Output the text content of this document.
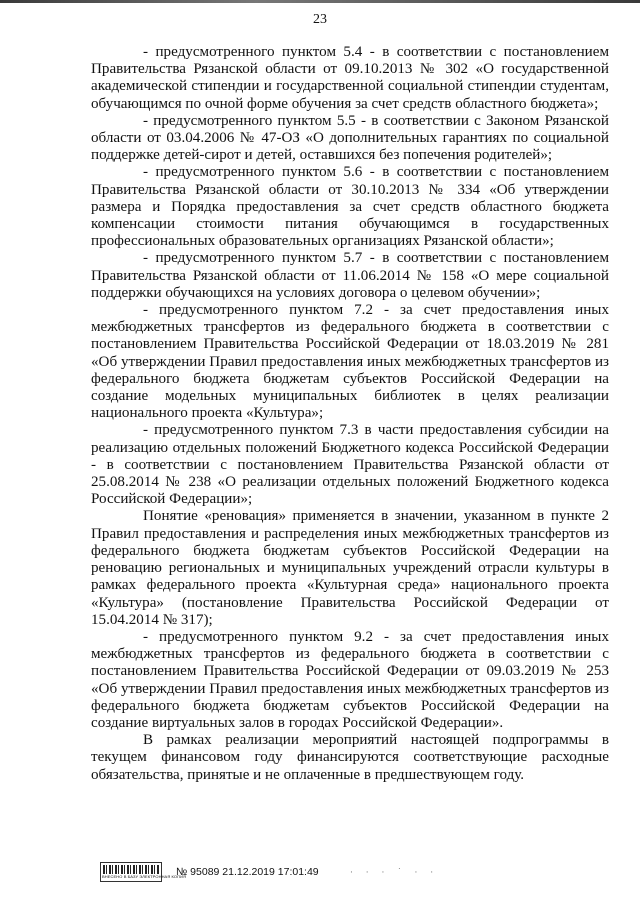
23

- предусмотренного пунктом 5.4 - в соответствии с постановлением Правительства Рязанской области от 09.10.2013 № 302 «О государственной академической стипендии и государственной социальной стипендии студентам, обучающимся по очной форме обучения за счет средств областного бюджета»;

- предусмотренного пунктом 5.5 - в соответствии с Законом Рязанской области от 03.04.2006 № 47-ОЗ «О дополнительных гарантиях по социальной поддержке детей-сирот и детей, оставшихся без попечения родителей»;

- предусмотренного пунктом 5.6 - в соответствии с постановлением Правительства Рязанской области от 30.10.2013 № 334 «Об утверждении размера и Порядка предоставления за счет средств областного бюджета компенсации стоимости питания обучающимся в государственных профессиональных образовательных организациях Рязанской области»;

- предусмотренного пунктом 5.7 - в соответствии с постановлением Правительства Рязанской области от 11.06.2014 № 158 «О мере социальной поддержки обучающихся на условиях договора о целевом обучении»;

- предусмотренного пунктом 7.2 - за счет предоставления иных межбюджетных трансфертов из федерального бюджета в соответствии с постановлением Правительства Российской Федерации от 18.03.2019 № 281 «Об утверждении Правил предоставления иных межбюджетных трансфертов из федерального бюджета бюджетам субъектов Российской Федерации на создание модельных муниципальных библиотек в целях реализации национального проекта «Культура»;

- предусмотренного пунктом 7.3 в части предоставления субсидии на реализацию отдельных положений Бюджетного кодекса Российской Федерации - в соответствии с постановлением Правительства Рязанской области от 25.08.2014 № 238 «О реализации отдельных положений Бюджетного кодекса Российской Федерации»;

Понятие «реновация» применяется в значении, указанном в пункте 2 Правил предоставления и распределения иных межбюджетных трансфертов из федерального бюджета бюджетам субъектов Российской Федерации на реновацию региональных и муниципальных учреждений отрасли культуры в рамках федерального проекта «Культурная среда» национального проекта «Культура» (постановление Правительства Российской Федерации от 15.04.2014 № 317);

- предусмотренного пунктом 9.2 - за счет предоставления иных межбюджетных трансфертов из федерального бюджета в соответствии с постановлением Правительства Российской Федерации от 09.03.2019 № 253 «Об утверждении Правил предоставления иных межбюджетных трансфертов из федерального бюджета бюджетам субъектов Российской Федерации на создание виртуальных залов в городах Российской Федерации».

В рамках реализации мероприятий настоящей подпрограммы в текущем финансовом году финансируются соответствующие расходные обязательства, принятые и не оплаченные в предшествующем году.

ВНЕСЕНО В БАЗУ ЭЛЕКТРОННАЯ КОПИЯ
№ 95089 21.12.2019 17:01:49	· · · ˙ · ·
